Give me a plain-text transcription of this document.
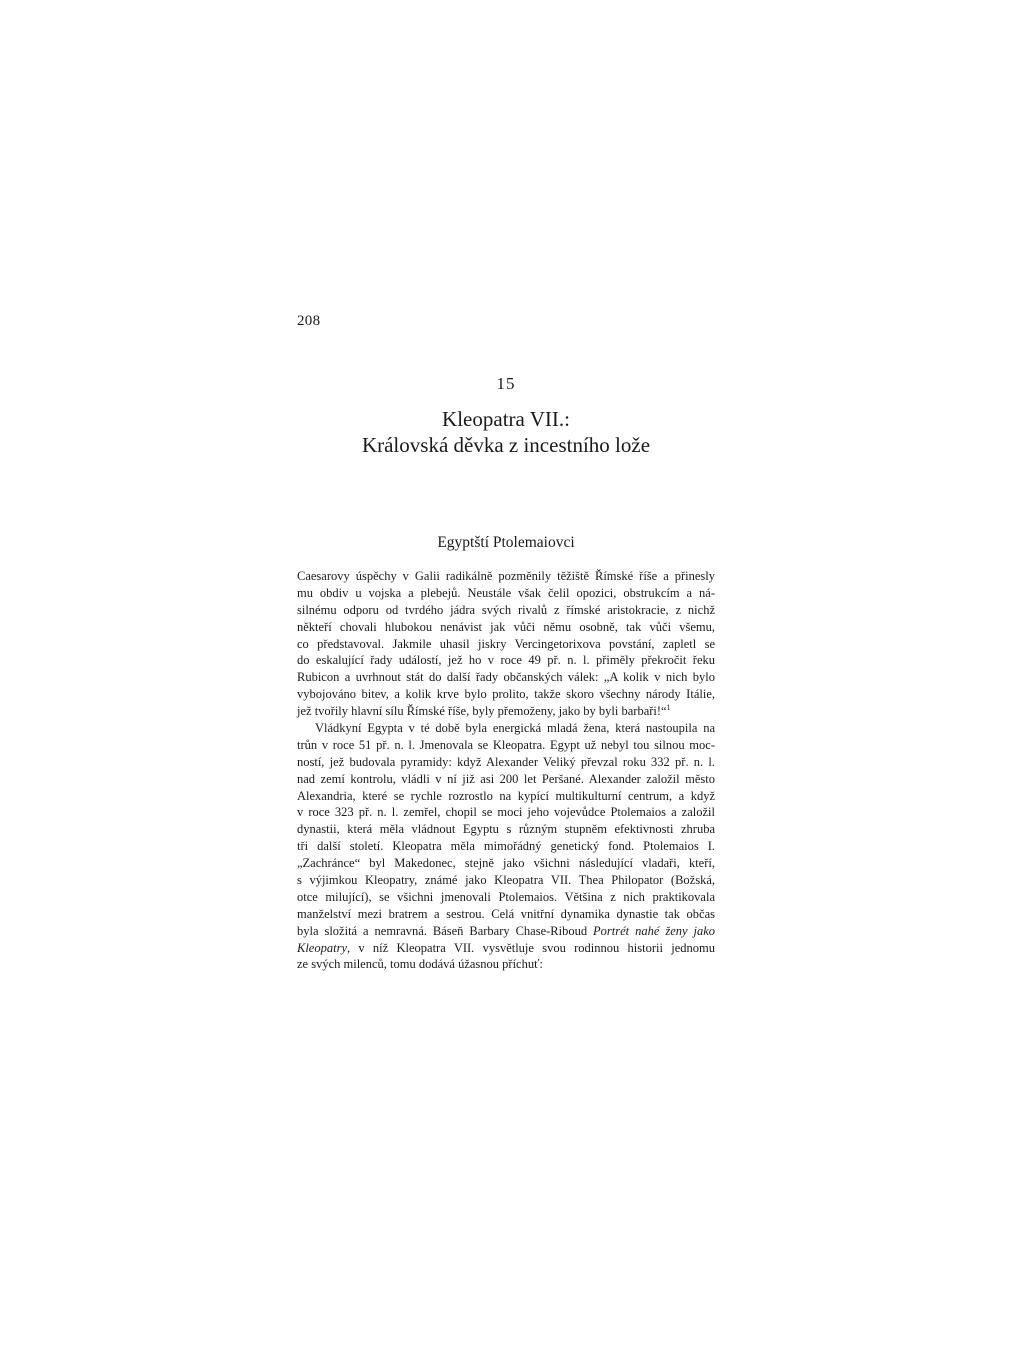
208
15
Kleopatra VII.:
Královská děvka z incestního lože
Egyptští Ptolemaiovci
Caesarovy úspěchy v Galii radikálně pozměnily těžiště Římské říše a přinesly
mu obdiv u vojska a plebejů. Neustále však čelil opozici, obstrukcím a ná-
silnému odporu od tvrdého jádra svých rivalů z římské aristokracie, z nichž
někteří chovali hlubokou nenávist jak vůči němu osobně, tak vůči všemu,
co představoval. Jakmile uhasil jiskry Vercingetorixova povstání, zapletl se
do eskalující řady událostí, jež ho v roce 49 př. n. l. přiměly překročit řeku
Rubicon a uvrhnout stát do další řady občanských válek: „A kolik v nich bylo
vybojováno bitev, a kolik krve bylo prolito, takže skoro všechny národy Itálie,
jež tvořily hlavní sílu Římské říše, byly přemoženy, jako by byli barbaři!“$^1$
Vládkyní Egypta v té době byla energická mladá žena, která nastoupila na
trůn v roce 51 př. n. l. Jmenovala se Kleopatra. Egypt už nebyl tou silnou moc-
ností, jež budovala pyramidy: když Alexander Veliký převzal roku 332 př. n. l.
nad zemí kontrolu, vládli v ní již asi 200 let Peršané. Alexander založil město
Alexandria, které se rychle rozrostlo na kypící multikulturní centrum, a když
v roce 323 př. n. l. zemřel, chopil se moci jeho vojevůdce Ptolemaios a založil
dynastii, která měla vládnout Egyptu s různým stupněm efektivnosti zhruba
tři další století. Kleopatra měla mimořádný genetický fond. Ptolemaios I.
„Zachránce“ byl Makedonec, stejně jako všichni následující vladaři, kteří,
s výjimkou Kleopatry, známé jako Kleopatra VII. Thea Philopator (Božská,
otce milující), se všichni jmenovali Ptolemaios. Většina z nich praktikovala
manželství mezi bratrem a sestrou. Celá vnitřní dynamika dynastie tak občas
byla složitá a nemravná. Báseň Barbary Chase-Riboud Portrét nahé ženy jako
Kleopatry, v níž Kleopatra VII. vysvětluje svou rodinnou historii jednomu
ze svých milenců, tomu dodává úžasnou příchuť:
